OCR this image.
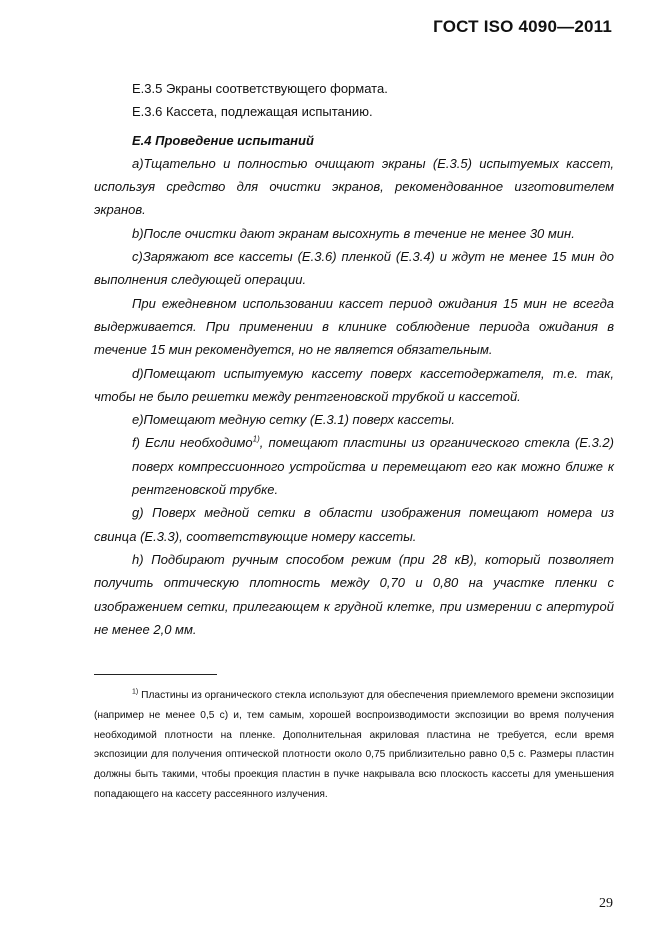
ГОСТ ISO 4090—2011

Е.3.5 Экраны соответствующего формата.

Е.3.6 Кассета, подлежащая испытанию.

Е.4 Проведение испытаний

а)Тщательно и полностью очищают экраны (Е.3.5) испытуемых кассет, используя средство для очистки экранов, рекомендованное изготовителем экранов.

b)После очистки дают экранам высохнуть в течение не менее 30 мин.

с)Заряжают все кассеты (Е.3.6) пленкой (Е.3.4) и ждут не менее 15 мин до выполнения следующей операции.

При ежедневном использовании кассет период ожидания 15 мин не всегда выдерживается. При применении в клинике соблюдение периода ожидания в течение 15 мин рекомендуется, но не является обязательным.

d)Помещают испытуемую кассету поверх кассетодержателя, т.е. так, чтобы не было решетки между рентгеновской трубкой и кассетой.

е)Помещают медную сетку (Е.3.1) поверх кассеты.

f) Если необходимо$^{1)}$, помещают пластины из органического стекла (Е.3.2) поверх компрессионного устройства и перемещают его как можно ближе к рентгеновской трубке.

g) Поверх медной сетки в области изображения помещают номера из свинца (Е.3.3), соответствующие номеру кассеты.

h) Подбирают ручным способом режим (при 28 кВ), который позволяет получить оптическую плотность между 0,70 и 0,80 на участке пленки с изображением сетки, прилегающем к грудной клетке, при измерении с апертурой не менее 2,0 мм.

$^{1)}$ Пластины из органического стекла используют для обеспечения приемлемого времени экспозиции (например не менее 0,5 с) и, тем самым, хорошей воспроизводимости экспозиции во время получения необходимой плотности на пленке. Дополнительная акриловая пластина не требуется, если время экспозиции для получения оптической плотности около 0,75 приблизительно равно 0,5 с. Размеры пластин должны быть такими, чтобы проекция пластин в пучке накрывала всю плоскость кассеты для уменьшения попадающего на кассету рассеянного излучения.

29
